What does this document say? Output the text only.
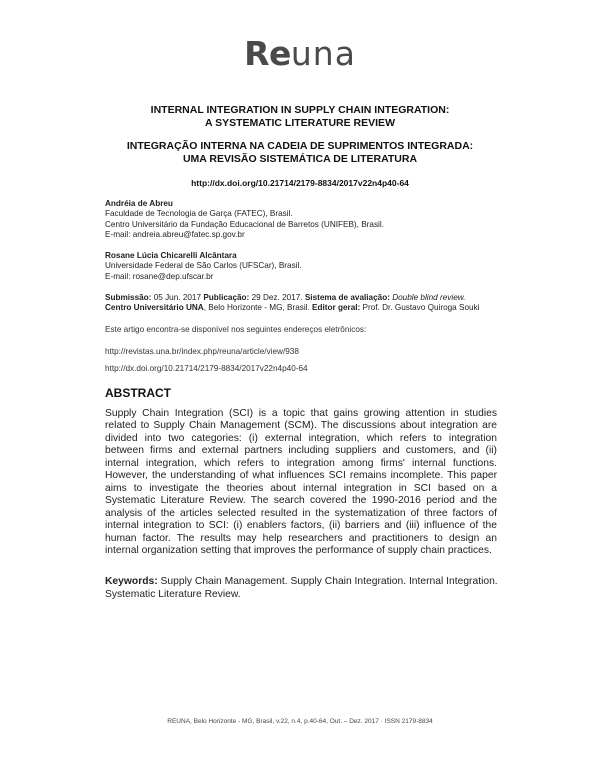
Reuna
INTERNAL INTEGRATION IN SUPPLY CHAIN INTEGRATION:
A SYSTEMATIC LITERATURE REVIEW
INTEGRAÇÃO INTERNA NA CADEIA DE SUPRIMENTOS INTEGRADA:
UMA REVISÃO SISTEMÁTICA DE LITERATURA
http://dx.doi.org/10.21714/2179-8834/2017v22n4p40-64
Andréia de Abreu
Faculdade de Tecnologia de Garça (FATEC), Brasil.
Centro Universitário da Fundação Educacional de Barretos (UNIFEB), Brasil.
E-mail: andreia.abreu@fatec.sp.gov.br
Rosane Lúcia Chicarelli Alcântara
Universidade Federal de São Carlos (UFSCar), Brasil.
E-mail: rosane@dep.ufscar.br
Submissão: 05 Jun. 2017 Publicação: 29 Dez. 2017. Sistema de avaliação: Double blind review.
Centro Universitário UNA, Belo Horizonte - MG, Brasil. Editor geral: Prof. Dr. Gustavo Quiroga Souki
Este artigo encontra-se disponível nos seguintes endereços eletrônicos:
http://revistas.una.br/index.php/reuna/article/view/938
http://dx.doi.org/10.21714/2179-8834/2017v22n4p40-64
ABSTRACT
Supply Chain Integration (SCI) is a topic that gains growing attention in studies related to Supply Chain Management (SCM). The discussions about integration are divided into two categories: (i) external integration, which refers to integration between firms and external partners including suppliers and customers, and (ii) internal integration, which refers to integration among firms' internal functions. However, the understanding of what influences SCI remains incomplete. This paper aims to investigate the theories about internal integration in SCI based on a Systematic Literature Review. The search covered the 1990-2016 period and the analysis of the articles selected resulted in the systematization of three factors of internal integration to SCI: (i) enablers factors, (ii) barriers and (iii) influence of the human factor. The results may help researchers and practitioners to design an internal organization setting that improves the performance of supply chain practices.
Keywords: Supply Chain Management. Supply Chain Integration. Internal Integration. Systematic Literature Review.
REUNA, Belo Horizonte - MG, Brasil, v.22, n.4, p.40-64, Out. – Dez. 2017 · ISSN 2179-8834
